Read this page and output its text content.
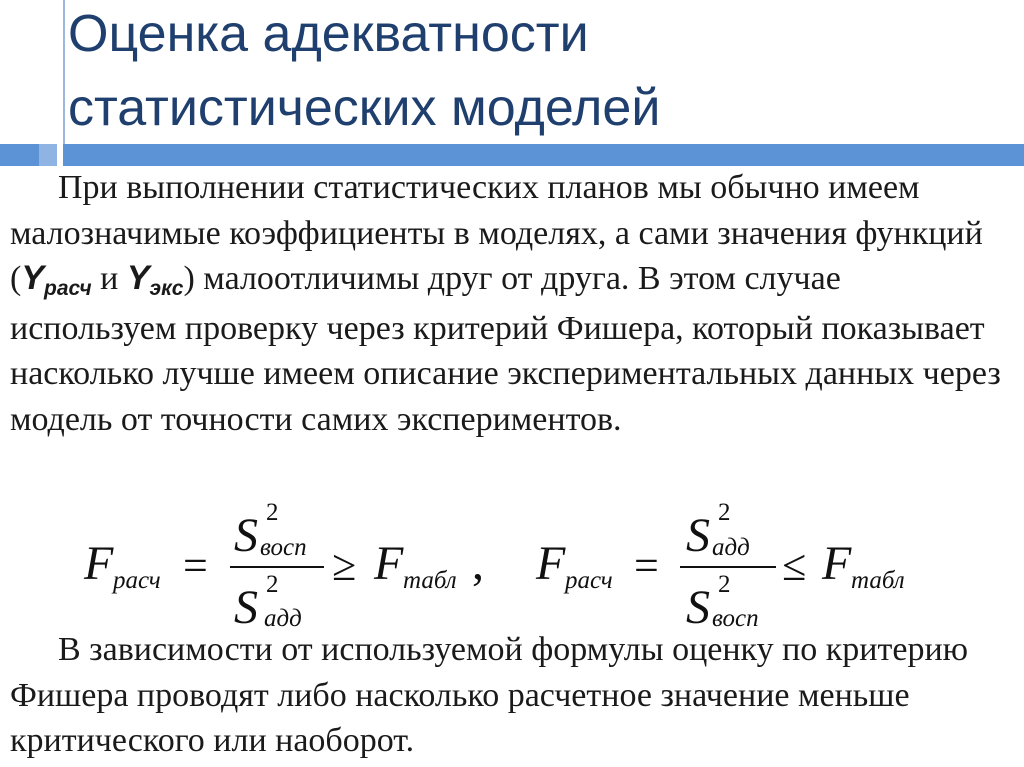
Оценка адекватности
статистических моделей

При выполнении статистических планов мы обычно имеем малозначимые коэффициенты в моделях, а сами значения функций (Yрасч и Yэкс) малоотличимы друг от друга. В этом случае используем проверку через критерий Фишера, который показывает насколько лучше имеем описание экспериментальных данных через модель от точности самих экспериментов.

F расч =
S 2
восп
S 2
адд
≥ F табл , F расч =
S 2
адд
S 2
восп
≤ F табл

В зависимости от используемой формулы оценку по критерию Фишера проводят либо насколько расчетное значение меньше критического или наоборот.
